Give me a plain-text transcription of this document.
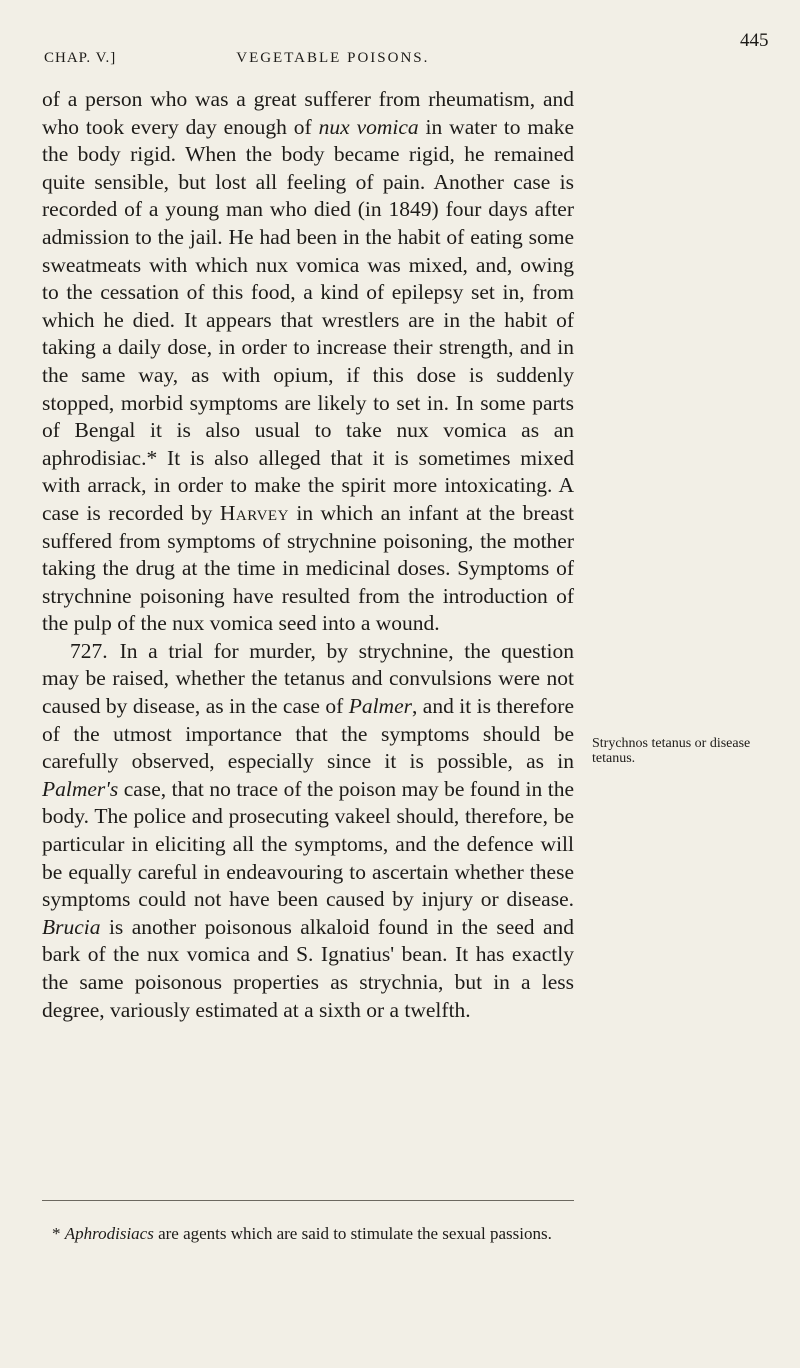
445
CHAP. V.]	VEGETABLE POISONS.

of a person who was a great sufferer from rheumatism, and who took every day enough of nux vomica in water to make the body rigid. When the body became rigid, he remained quite sensible, but lost all feeling of pain. Another case is recorded of a young man who died (in 1849) four days after admission to the jail. He had been in the habit of eating some sweatmeats with which nux vomica was mixed, and, owing to the cessation of this food, a kind of epilepsy set in, from which he died. It appears that wrestlers are in the habit of taking a daily dose, in order to increase their strength, and in the same way, as with opium, if this dose is suddenly stopped, morbid symptoms are likely to set in. In some parts of Bengal it is also usual to take nux vomica as an aphrodisiac.* It is also alleged that it is sometimes mixed with arrack, in order to make the spirit more intoxicating. A case is recorded by Harvey in which an infant at the breast suffered from symptoms of strychnine poisoning, the mother taking the drug at the time in medicinal doses. Symptoms of strychnine poisoning have resulted from the introduction of the pulp of the nux vomica seed into a wound.

727. In a trial for murder, by strychnine, the question may be raised, whether the tetanus and convulsions were not caused by disease, as in the case of Palmer, and it is therefore of the utmost importance that the symptoms should be carefully observed, especially since it is possible, as in Palmer's case, that no trace of the poison may be found in the body. The police and prosecuting vakeel should, therefore, be particular in eliciting all the symptoms, and the defence will be equally careful in endeavouring to ascertain whether these symptoms could not have been caused by injury or disease. Brucia is another poisonous alkaloid found in the seed and bark of the nux vomica and S. Ignatius' bean. It has exactly the same poisonous properties as strychnia, but in a less degree, variously estimated at a sixth or a twelfth.

Strychnos tetanus or disease tetanus.
* Aphrodisiacs are agents which are said to stimulate the sexual passions.
